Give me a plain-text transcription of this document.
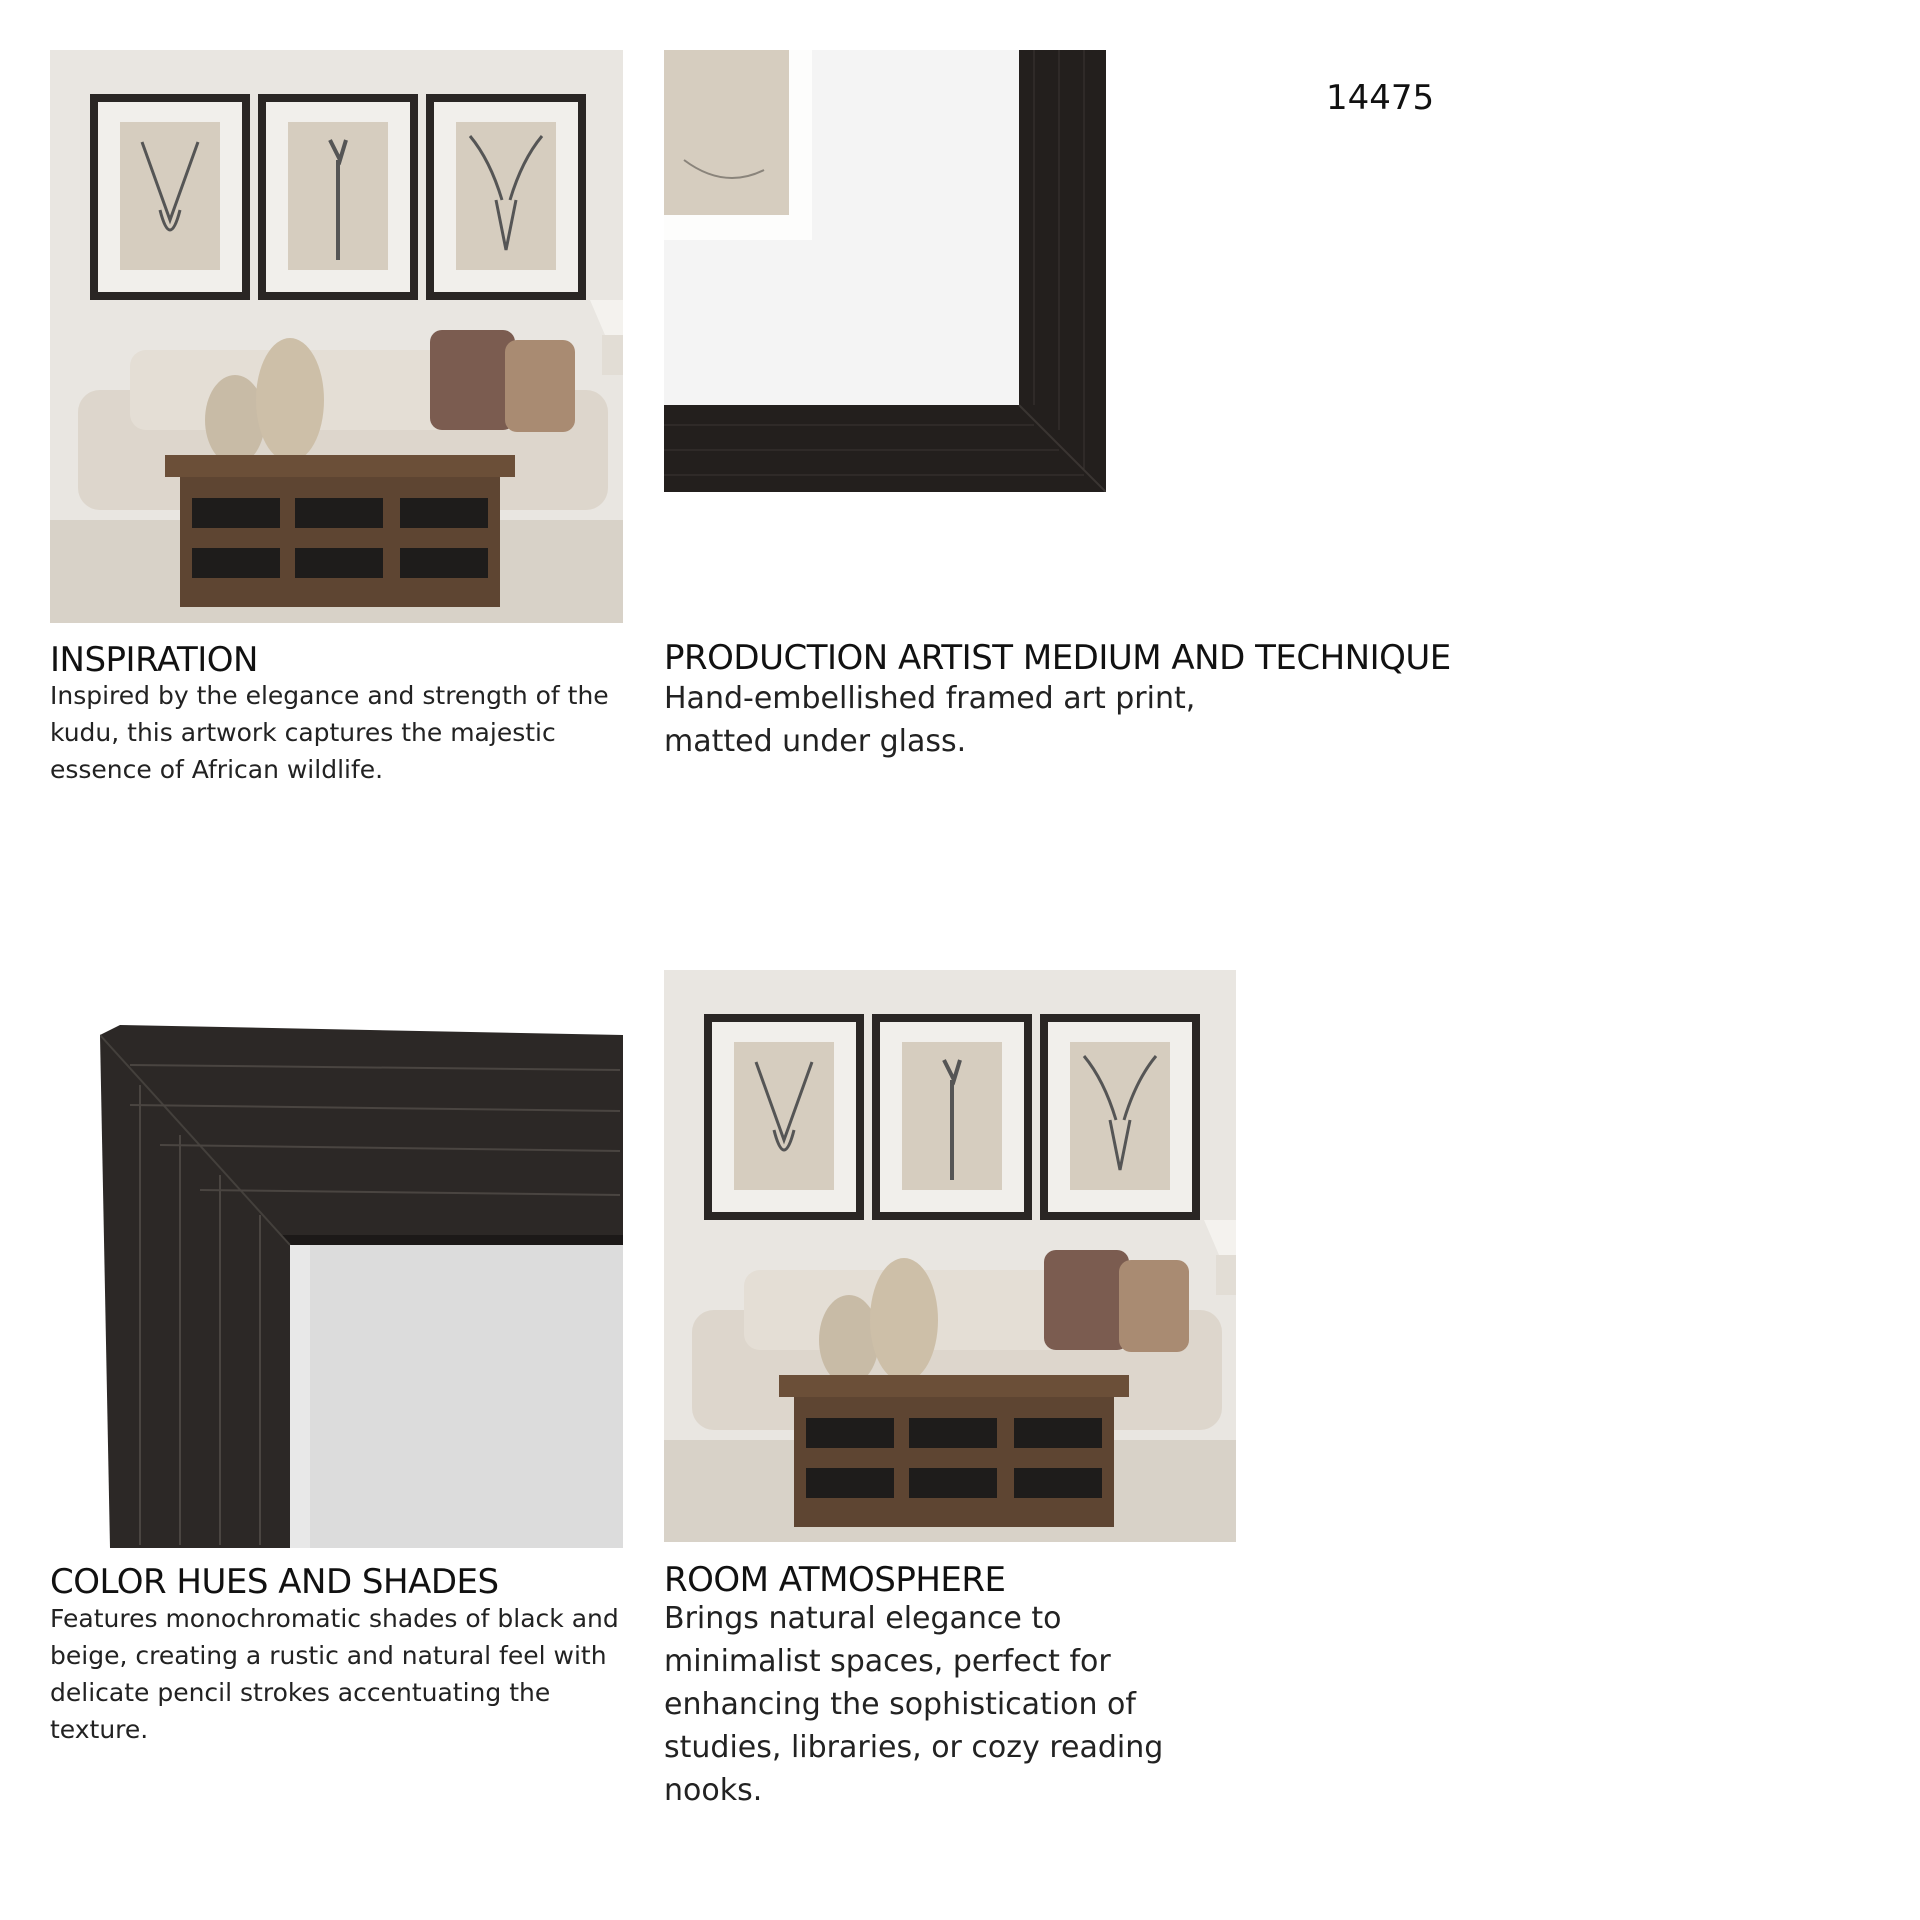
14475
INSPIRATION
Inspired by the elegance and strength of the kudu, this artwork captures the majestic essence of African wildlife.
PRODUCTION ARTIST MEDIUM AND TECHNIQUE
Hand-embellished framed art print, matted under glass.
COLOR HUES AND SHADES
Features monochromatic shades of black and beige, creating a rustic and natural feel with delicate pencil strokes accentuating the texture.
ROOM ATMOSPHERE
Brings natural elegance to minimalist spaces, perfect for enhancing the sophistication of studies, libraries, or cozy reading nooks.
